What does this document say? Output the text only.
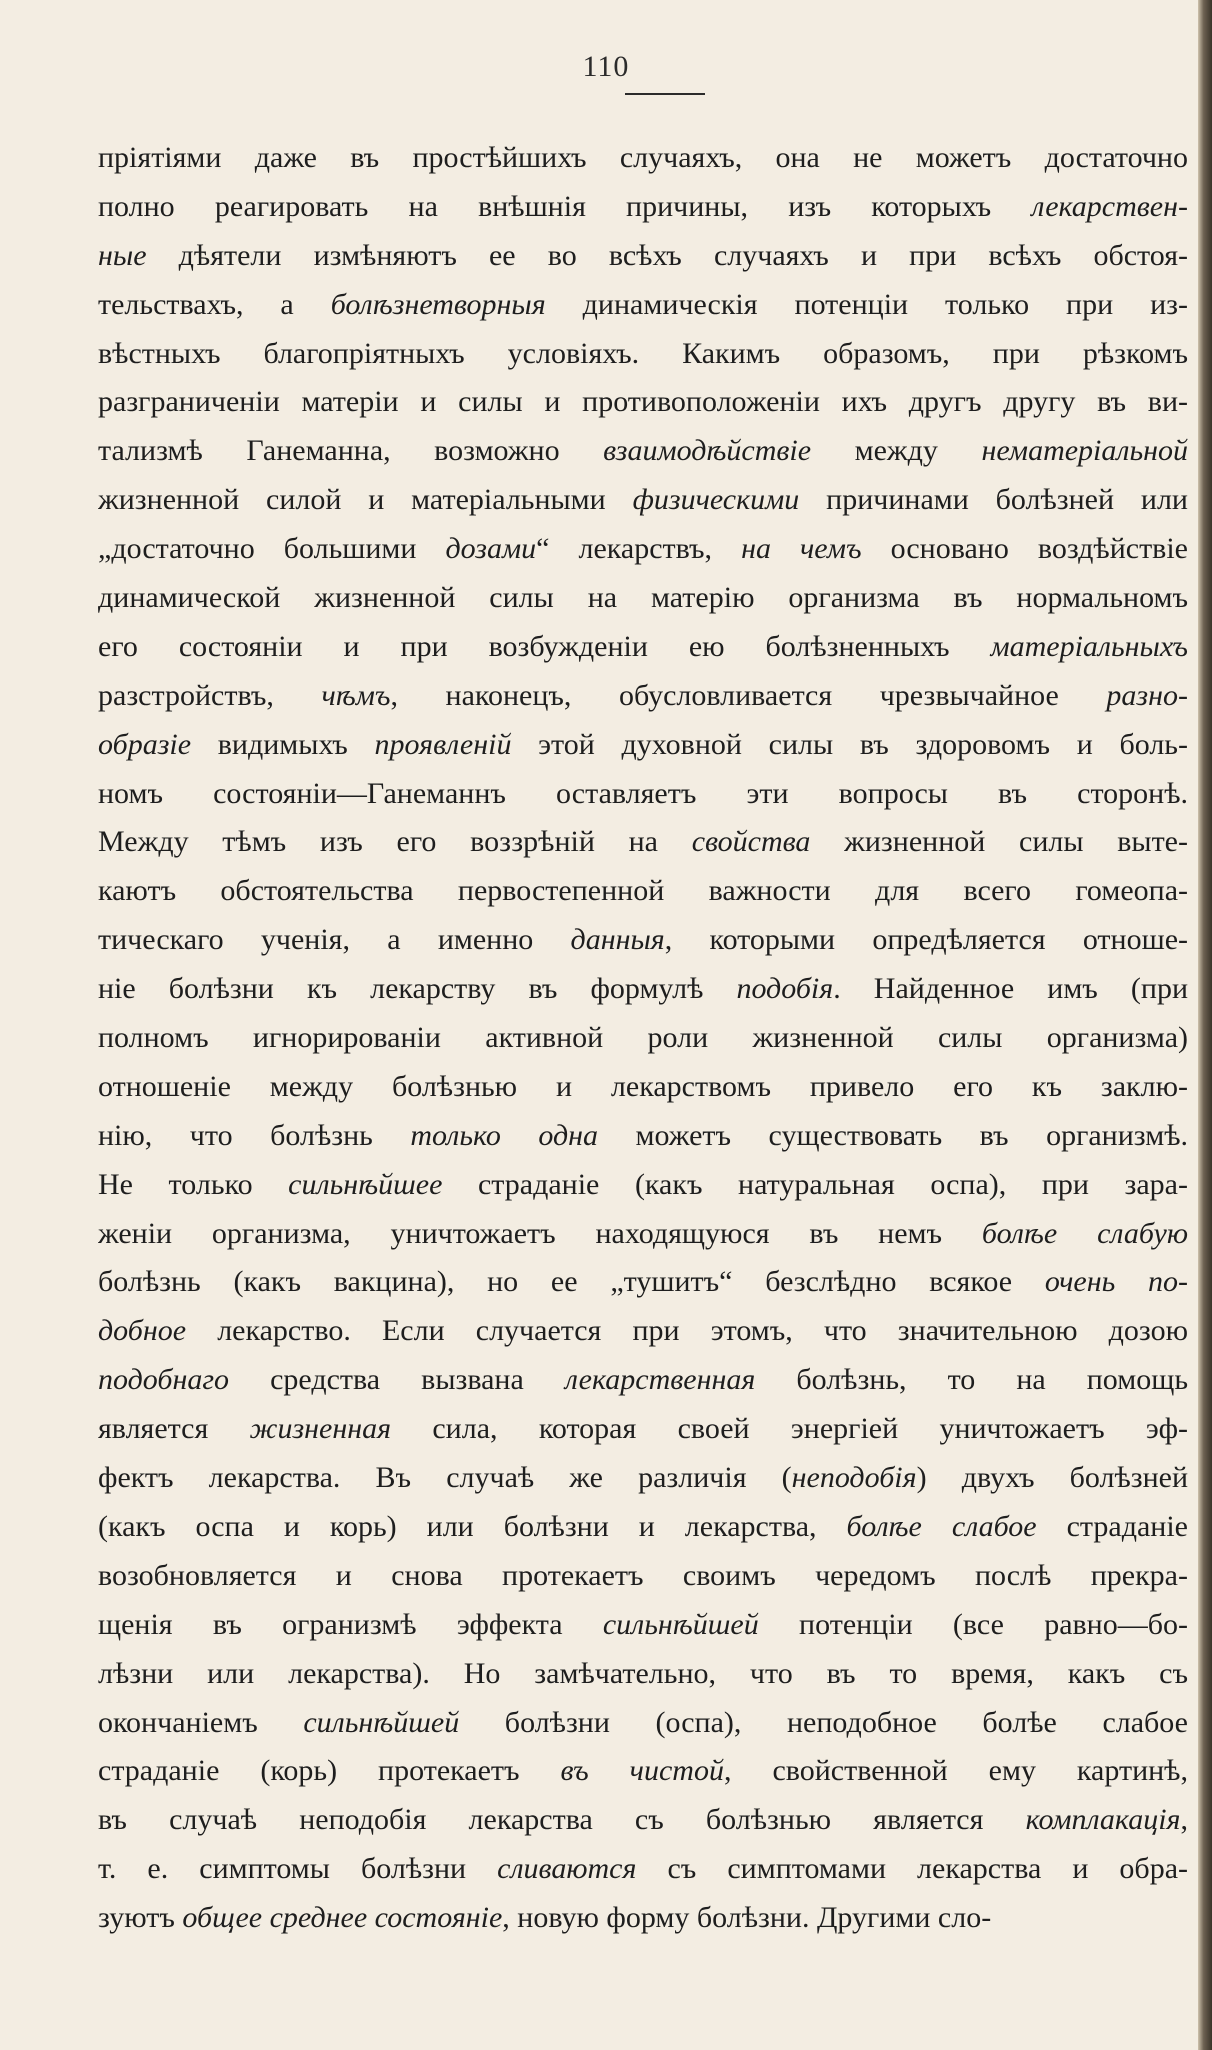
110
пріятіями даже въ простѣйшихъ случаяхъ, она не можетъ достаточно
полно реагировать на внѣшнія причины, изъ которыхъ лекарствен-
ные дѣятели измѣняютъ ее во всѣхъ случаяхъ и при всѣхъ обстоя-
тельствахъ, а болѣзнетворныя динамическія потенціи только при из-
вѣстныхъ благопріятныхъ условіяхъ. Какимъ образомъ, при рѣзкомъ
разграниченіи матеріи и силы и противоположеніи ихъ другъ другу въ ви-
тализмѣ Ганеманна, возможно взаимодѣйствіе между нематеріальной
жизненной силой и матеріальными физическими причинами болѣзней или
„достаточно большими дозами“ лекарствъ, на чемъ основано воздѣйствіе
динамической жизненной силы на матерію организма въ нормальномъ
его состояніи и при возбужденіи ею болѣзненныхъ матеріальныхъ
разстройствъ, чѣмъ, наконецъ, обусловливается чрезвычайное разно-
образіе видимыхъ проявленій этой духовной силы въ здоровомъ и боль-
номъ состояніи—Ганеманнъ оставляетъ эти вопросы въ сторонѣ.
Между тѣмъ изъ его воззрѣній на свойства жизненной силы выте-
каютъ обстоятельства первостепенной важности для всего гомеопа-
тическаго ученія, а именно данныя, которыми опредѣляется отноше-
ніе болѣзни къ лекарству въ формулѣ подобія. Найденное имъ (при
полномъ игнорированіи активной роли жизненной силы организма)
отношеніе между болѣзнью и лекарствомъ привело его къ заклю-
нію, что болѣзнь только одна можетъ существовать въ организмѣ.
Не только сильнѣйшее страданіе (какъ натуральная оспа), при зара-
женіи организма, уничтожаетъ находящуюся въ немъ болѣе слабую
болѣзнь (какъ вакцина), но ее „тушитъ“ безслѣдно всякое очень по-
добное лекарство. Если случается при этомъ, что значительною дозою
подобнаго средства вызвана лекарственная болѣзнь, то на помощь
является жизненная сила, которая своей энергіей уничтожаетъ эф-
фектъ лекарства. Въ случаѣ же различія (неподобія) двухъ болѣзней
(какъ оспа и корь) или болѣзни и лекарства, болѣе слабое страданіе
возобновляется и снова протекаетъ своимъ чередомъ послѣ прекра-
щенія въ огранизмѣ эффекта сильнѣйшей потенціи (все равно—бо-
лѣзни или лекарства). Но замѣчательно, что въ то время, какъ съ
окончаніемъ сильнѣйшей болѣзни (оспа), неподобное болѣе слабое
страданіе (корь) протекаетъ въ чистой, свойственной ему картинѣ,
въ случаѣ неподобія лекарства съ болѣзнью является комплакація,
т. е. симптомы болѣзни сливаются съ симптомами лекарства и обра-
зуютъ общее среднее состояніе, новую форму болѣзни. Другими сло-
